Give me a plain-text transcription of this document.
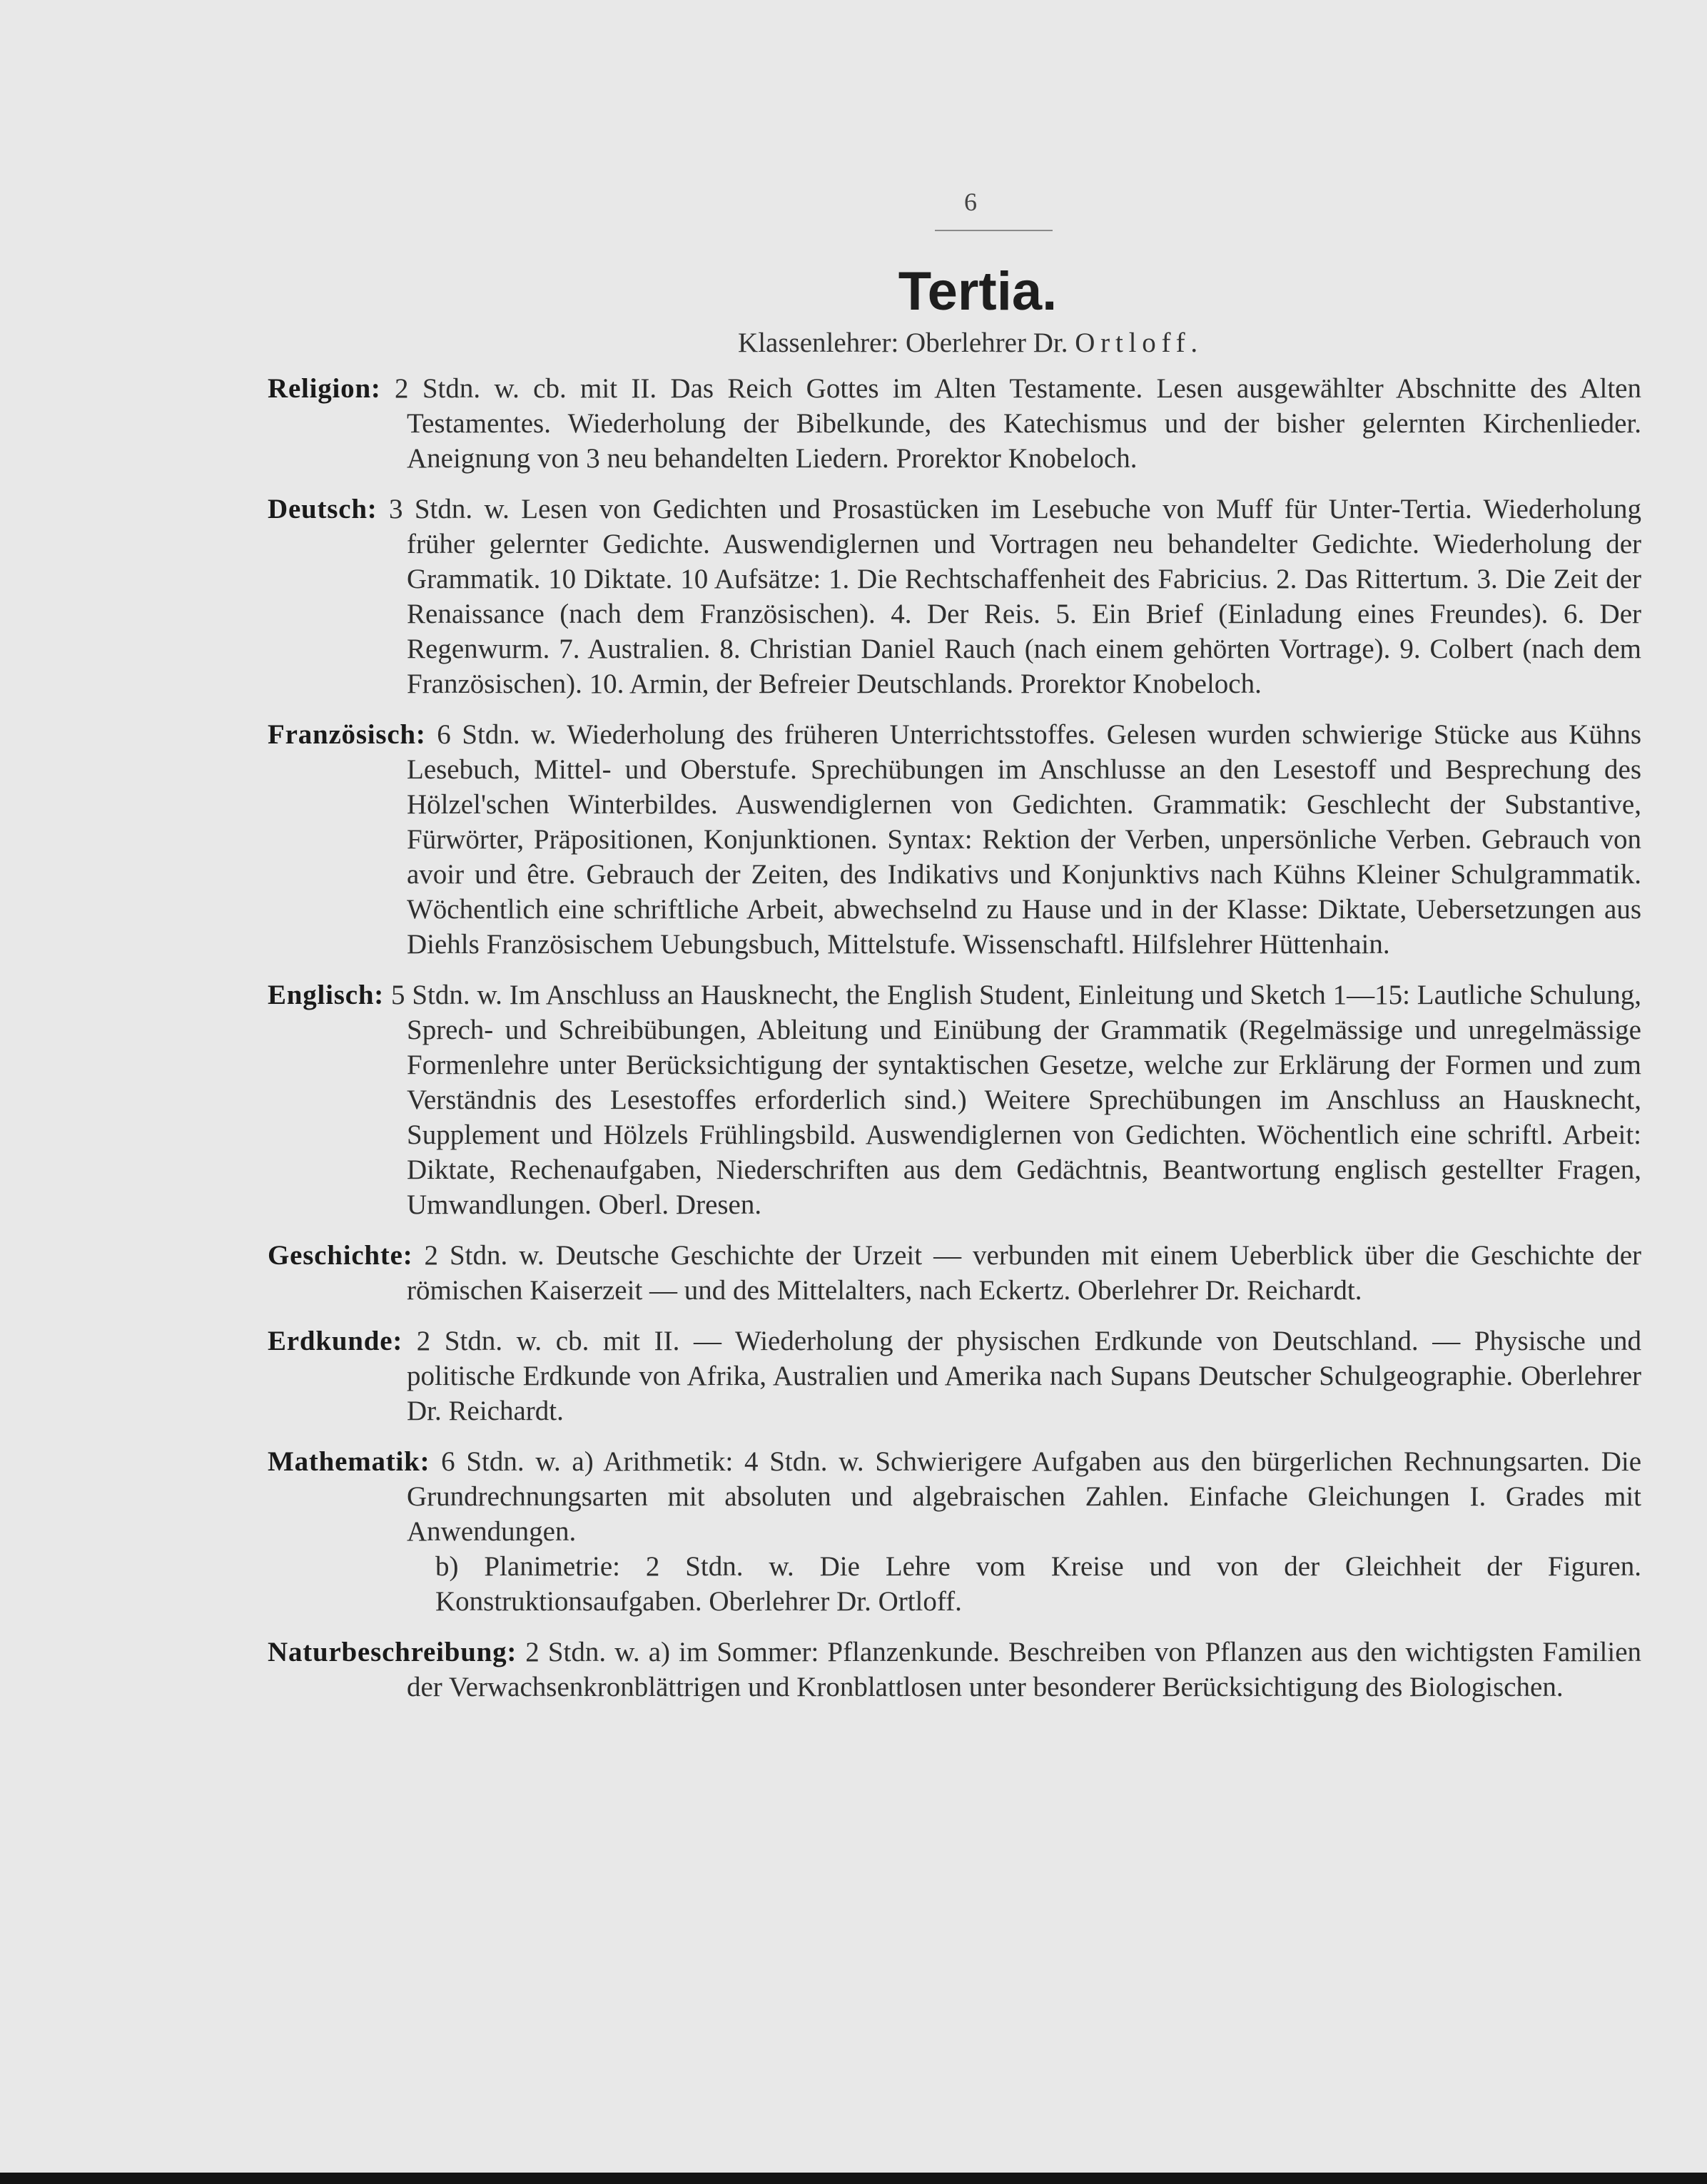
6
Tertia.
Klassenlehrer: Oberlehrer Dr. Ortloff.
Religion: 2 Stdn. w. cb. mit II. Das Reich Gottes im Alten Testamente. Lesen ausgewählter Abschnitte des Alten Testamentes. Wiederholung der Bibelkunde, des Katechismus und der bisher gelernten Kirchenlieder. Aneignung von 3 neu behandelten Liedern. Prorektor Knobeloch.
Deutsch: 3 Stdn. w. Lesen von Gedichten und Prosastücken im Lesebuche von Muff für Unter-Tertia. Wiederholung früher gelernter Gedichte. Auswendiglernen und Vortragen neu behandelter Gedichte. Wiederholung der Grammatik. 10 Diktate. 10 Aufsätze: 1. Die Rechtschaffenheit des Fabricius. 2. Das Rittertum. 3. Die Zeit der Renaissance (nach dem Französischen). 4. Der Reis. 5. Ein Brief (Einladung eines Freundes). 6. Der Regenwurm. 7. Australien. 8. Christian Daniel Rauch (nach einem gehörten Vortrage). 9. Colbert (nach dem Französischen). 10. Armin, der Befreier Deutschlands. Prorektor Knobeloch.
Französisch: 6 Stdn. w. Wiederholung des früheren Unterrichtsstoffes. Gelesen wurden schwierige Stücke aus Kühns Lesebuch, Mittel- und Oberstufe. Sprechübungen im Anschlusse an den Lesestoff und Besprechung des Hölzel'schen Winterbildes. Auswendiglernen von Gedichten. Grammatik: Geschlecht der Substantive, Fürwörter, Präpositionen, Konjunktionen. Syntax: Rektion der Verben, unpersönliche Verben. Gebrauch von avoir und être. Gebrauch der Zeiten, des Indikativs und Konjunktivs nach Kühns Kleiner Schulgrammatik. Wöchentlich eine schriftliche Arbeit, abwechselnd zu Hause und in der Klasse: Diktate, Uebersetzungen aus Diehls Französischem Uebungsbuch, Mittelstufe. Wissenschaftl. Hilfslehrer Hüttenhain.
Englisch: 5 Stdn. w. Im Anschluss an Hausknecht, the English Student, Einleitung und Sketch 1—15: Lautliche Schulung, Sprech- und Schreibübungen, Ableitung und Einübung der Grammatik (Regelmässige und unregelmässige Formenlehre unter Berücksichtigung der syntaktischen Gesetze, welche zur Erklärung der Formen und zum Verständnis des Lesestoffes erforderlich sind.) Weitere Sprechübungen im Anschluss an Hausknecht, Supplement und Hölzels Frühlingsbild. Auswendiglernen von Gedichten. Wöchentlich eine schriftl. Arbeit: Diktate, Rechenaufgaben, Niederschriften aus dem Gedächtnis, Beantwortung englisch gestellter Fragen, Umwandlungen. Oberl. Dresen.
Geschichte: 2 Stdn. w. Deutsche Geschichte der Urzeit — verbunden mit einem Ueberblick über die Geschichte der römischen Kaiserzeit — und des Mittelalters, nach Eckertz. Oberlehrer Dr. Reichardt.
Erdkunde: 2 Stdn. w. cb. mit II. — Wiederholung der physischen Erdkunde von Deutschland. — Physische und politische Erdkunde von Afrika, Australien und Amerika nach Supans Deutscher Schulgeographie. Oberlehrer Dr. Reichardt.
Mathematik: 6 Stdn. w. a) Arithmetik: 4 Stdn. w. Schwierigere Aufgaben aus den bürgerlichen Rechnungsarten. Die Grundrechnungsarten mit absoluten und algebraischen Zahlen. Einfache Gleichungen I. Grades mit Anwendungen.
b) Planimetrie: 2 Stdn. w. Die Lehre vom Kreise und von der Gleichheit der Figuren. Konstruktionsaufgaben. Oberlehrer Dr. Ortloff.
Naturbeschreibung: 2 Stdn. w. a) im Sommer: Pflanzenkunde. Beschreiben von Pflanzen aus den wichtigsten Familien der Verwachsenkronblättrigen und Kronblattlosen unter besonderer Berücksichtigung des Biologischen.
